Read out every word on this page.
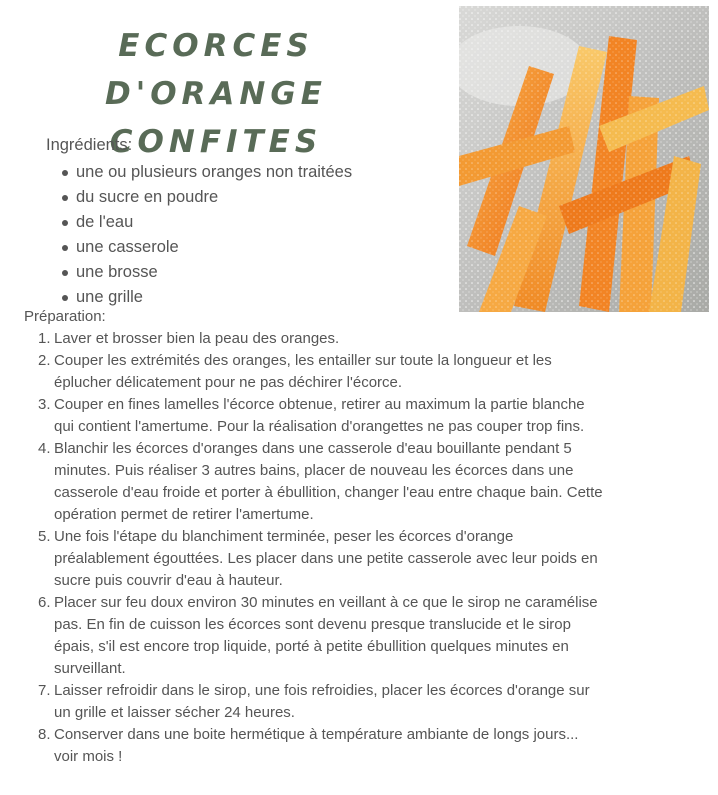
ECORCES D'ORANGE
CONFITES
Ingrédients:
une ou plusieurs oranges non traitées
du sucre en poudre
de l'eau
une casserole
une brosse
une grille
Préparation:
1. Laver et brosser bien la peau des oranges.
2. Couper les extrémités des oranges, les entailler sur toute la longueur et les éplucher délicatement pour ne pas déchirer l'écorce.
3. Couper en fines lamelles l'écorce obtenue, retirer au maximum la partie blanche qui contient l'amertume. Pour la réalisation d'orangettes ne pas couper trop fins.
4. Blanchir les écorces d'oranges dans une casserole d'eau bouillante pendant 5 minutes. Puis réaliser 3 autres bains, placer de nouveau les écorces dans une casserole d'eau froide et porter à ébullition, changer l'eau entre chaque bain. Cette opération permet de retirer l'amertume.
5. Une fois l'étape du blanchiment terminée, peser les écorces d'orange préalablement égouttées. Les placer dans une petite casserole avec leur poids en sucre puis couvrir d'eau à hauteur.
6. Placer sur feu doux environ 30 minutes en veillant à ce que le sirop ne caramélise pas. En fin de cuisson les écorces sont devenu presque translucide et le sirop épais, s'il est encore trop liquide, porté à petite ébullition quelques minutes en surveillant.
7. Laisser refroidir dans le sirop, une fois refroidies, placer les écorces d'orange sur un grille et laisser sécher 24 heures.
8. Conserver dans une boite hermétique à température ambiante de longs jours... voir mois !
